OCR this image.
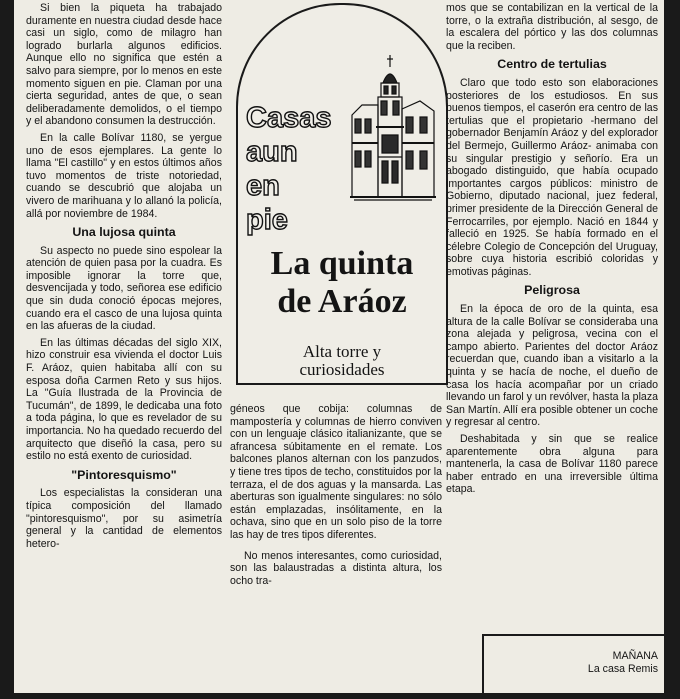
Si bien la piqueta ha trabajado duramente en nuestra ciudad desde hace casi un siglo, como de milagro han logrado burlarla algunos edificios. Aunque ello no significa que estén a salvo para siempre, por lo menos en este momento siguen en pie. Claman por una cierta seguridad, antes de que, o sean deliberadamente demolidos, o el tiempo y el abandono consumen la destrucción.

En la calle Bolívar 1180, se yergue uno de esos ejemplares. La gente lo llama "El castillo" y en estos últimos años tuvo momentos de triste notoriedad, cuando se descubrió que alojaba un vivero de marihuana y lo allanó la policía, allá por noviembre de 1984.

Una lujosa quinta

Su aspecto no puede sino espolear la atención de quien pasa por la cuadra. Es imposible ignorar la torre que, desvencijada y todo, señorea ese edificio que sin duda conoció épocas mejores, cuando era el casco de una lujosa quinta en las afueras de la ciudad.

En las últimas décadas del siglo XIX, hizo construir esa vivienda el doctor Luis F. Aráoz, quien habitaba allí con su esposa doña Carmen Reto y sus hijos. La "Guía Ilustrada de la Provincia de Tucumán", de 1899, le dedicaba una foto a toda página, lo que es revelador de su importancia. No ha quedado recuerdo del arquitecto que diseñó la casa, pero su estilo no está exento de curiosidad.

"Pintoresquismo"

Los especialistas la consideran una típica composición del llamado "pintoresquismo", por su asimetría general y la cantidad de elementos hetero-

Casas
aun
en
pie
La quinta
de Aráoz
Alta torre y
curiosidades

géneos que cobija: columnas de mampostería y columnas de hierro conviven con un lenguaje clásico italianizante, que se afrancesa súbitamente en el remate. Los balcones planos alternan con los panzudos, y tiene tres tipos de techo, constituidos por la terraza, el de dos aguas y la mansarda. Las aberturas son igualmente singulares: no sólo están emplazadas, insólitamente, en la ochava, sino que en un solo piso de la torre las hay de tres tipos diferentes.

No menos interesantes, como curiosidad, son las balaustradas a distinta altura, los ocho tra-

mos que se contabilizan en la vertical de la torre, o la extraña distribución, al sesgo, de la escalera del pórtico y las dos columnas que la reciben.

Centro de tertulias

Claro que todo esto son elaboraciones posteriores de los estudiosos. En sus buenos tiempos, el caserón era centro de las tertulias que el propietario -hermano del gobernador Benjamín Aráoz y del explorador del Bermejo, Guillermo Aráoz- animaba con su singular prestigio y señorío. Era un abogado distinguido, que había ocupado importantes cargos públicos: ministro de Gobierno, diputado nacional, juez federal, primer presidente de la Dirección General de Ferrocarriles, por ejemplo. Nació en 1844 y falleció en 1925. Se había formado en el célebre Colegio de Concepción del Uruguay, sobre cuya historia escribió coloridas y emotivas páginas.

Peligrosa

En la época de oro de la quinta, esa altura de la calle Bolívar se consideraba una zona alejada y peligrosa, vecina con el campo abierto. Parientes del doctor Aráoz recuerdan que, cuando iban a visitarlo a la quinta y se hacía de noche, el dueño de casa los hacía acompañar por un criado llevando un farol y un revólver, hasta la plaza San Martín. Allí era posible obtener un coche y regresar al centro.

Deshabitada y sin que se realice aparentemente obra alguna para mantenerla, la casa de Bolívar 1180 parece haber entrado en una irreversible última etapa.

MAÑANA
La casa Remis
